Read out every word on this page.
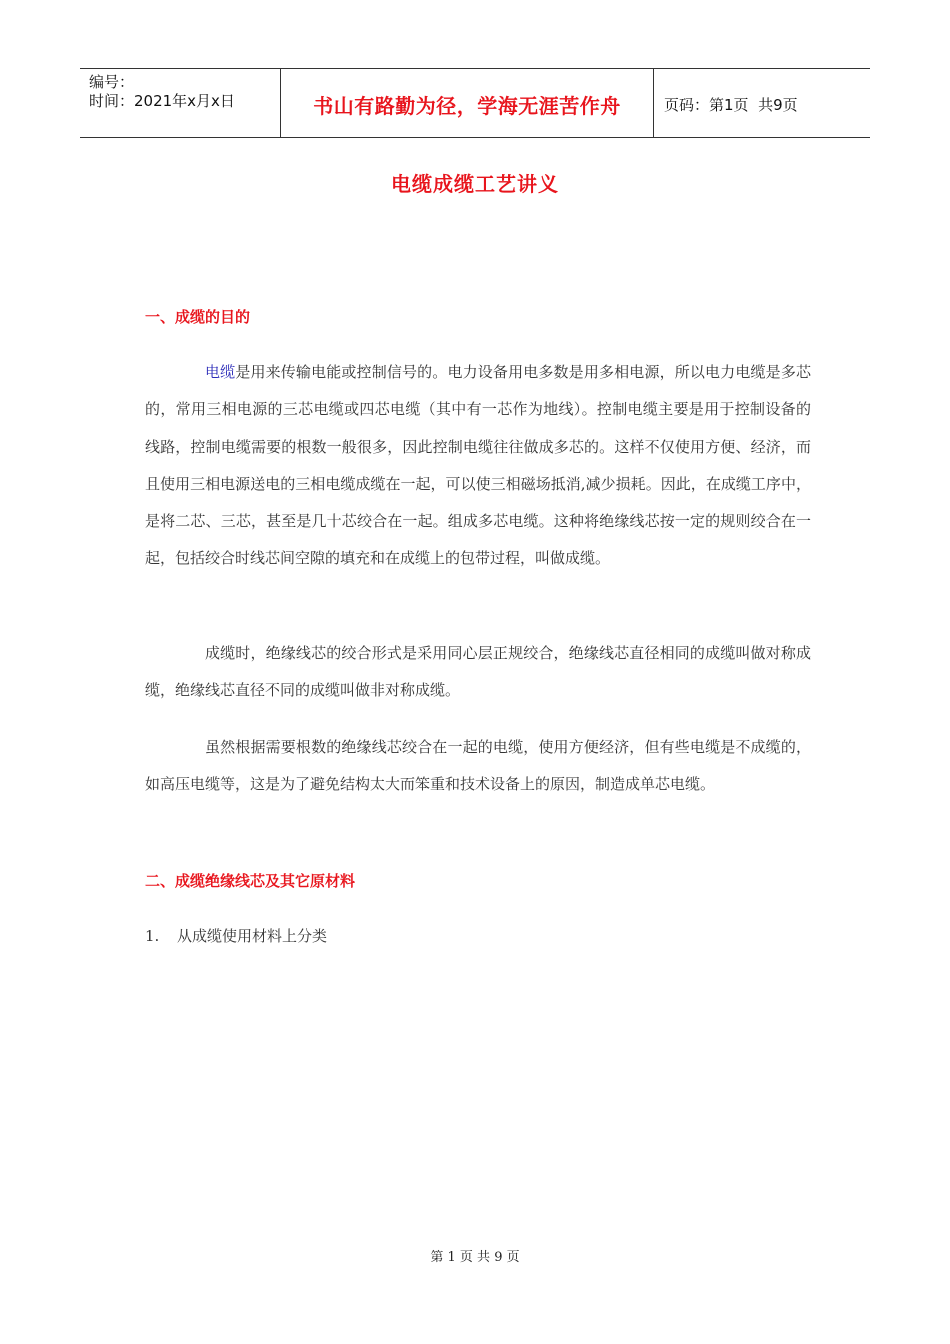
编号：
时间：2021年x月x日	书山有路勤为径，学海无涯苦作舟	页码：第1页  共9页
电缆成缆工艺讲义
一、成缆的目的
电缆是用来传输电能或控制信号的。电力设备用电多数是用多相电源，所以电力电缆是多芯的，常用三相电源的三芯电缆或四芯电缆（其中有一芯作为地线）。控制电缆主要是用于控制设备的线路，控制电缆需要的根数一般很多，因此控制电缆往往做成多芯的。这样不仅使用方便、经济，而且使用三相电源送电的三相电缆成缆在一起，可以使三相磁场抵消,减少损耗。因此，在成缆工序中，是将二芯、三芯，甚至是几十芯绞合在一起。组成多芯电缆。这种将绝缘线芯按一定的规则绞合在一起，包括绞合时线芯间空隙的填充和在成缆上的包带过程，叫做成缆。
成缆时，绝缘线芯的绞合形式是采用同心层正规绞合，绝缘线芯直径相同的成缆叫做对称成缆，绝缘线芯直径不同的成缆叫做非对称成缆。
虽然根据需要根数的绝缘线芯绞合在一起的电缆，使用方便经济，但有些电缆是不成缆的，如高压电缆等，这是为了避免结构太大而笨重和技术设备上的原因，制造成单芯电缆。
二、成缆绝缘线芯及其它原材料
1. 从成缆使用材料上分类
第 1 页 共 9 页
